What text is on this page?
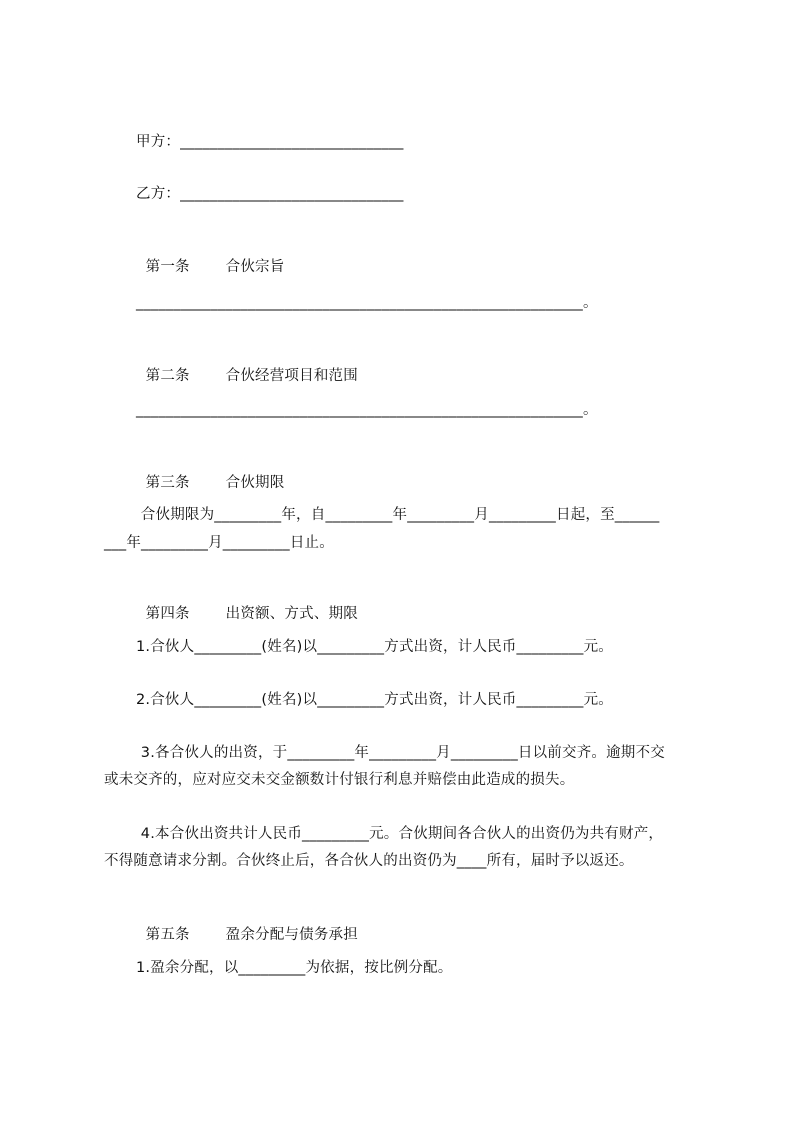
甲方：______________________________
乙方：______________________________

第一条 合伙宗旨

____________________________________________________________。

第二条 合伙经营项目和范围

____________________________________________________________。

第三条 合伙期限

合伙期限为_________年，自_________年_________月_________日起，至______
___年_________月_________日止。

第四条 出资额、方式、期限

1.合伙人_________(姓名)以_________方式出资，计人民币_________元。
2.合伙人_________(姓名)以_________方式出资，计人民币_________元。
3.各合伙人的出资，于_________年_________月_________日以前交齐。逾期不交
或未交齐的，应对应交未交金额数计付银行利息并赔偿由此造成的损失。
4.本合伙出资共计人民币_________元。合伙期间各合伙人的出资仍为共有财产，
不得随意请求分割。合伙终止后，各合伙人的出资仍为____所有，届时予以返还。

第五条 盈余分配与债务承担

1.盈余分配，以_________为依据，按比例分配。
